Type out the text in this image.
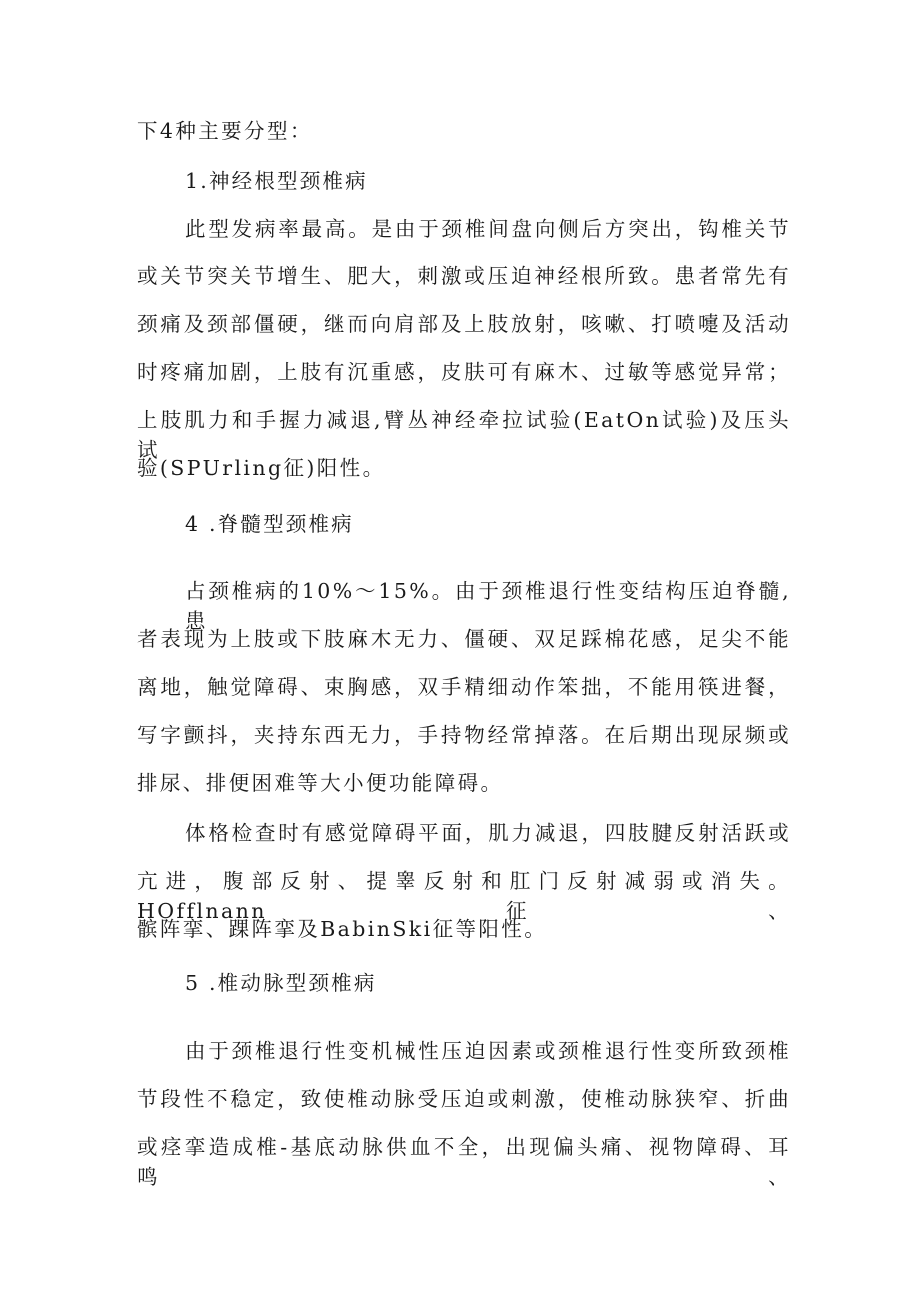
下4种主要分型：
1.神经根型颈椎病
此型发病率最高。是由于颈椎间盘向侧后方突出，钩椎关节
或关节突关节增生、肥大，刺激或压迫神经根所致。患者常先有
颈痛及颈部僵硬，继而向肩部及上肢放射，咳嗽、打喷嚏及活动
时疼痛加剧，上肢有沉重感，皮肤可有麻木、过敏等感觉异常；
上肢肌力和手握力减退,臂丛神经牵拉试验(EatOn试验)及压头试
验(SPUrling征)阳性。
4 .脊髓型颈椎病
占颈椎病的10%～15%。由于颈椎退行性变结构压迫脊髓,患
者表现为上肢或下肢麻木无力、僵硬、双足踩棉花感，足尖不能
离地，触觉障碍、束胸感，双手精细动作笨拙，不能用筷进餐，
写字颤抖，夹持东西无力，手持物经常掉落。在后期出现尿频或
排尿、排便困难等大小便功能障碍。
体格检查时有感觉障碍平面，肌力减退，四肢腱反射活跃或
亢进，腹部反射、提睾反射和肛门反射减弱或消失。HOfflnann征、
髌阵挛、踝阵挛及BabinSki征等阳性。
5 .椎动脉型颈椎病
由于颈椎退行性变机械性压迫因素或颈椎退行性变所致颈椎
节段性不稳定，致使椎动脉受压迫或刺激，使椎动脉狭窄、折曲
或痉挛造成椎-基底动脉供血不全，出现偏头痛、视物障碍、耳鸣、
